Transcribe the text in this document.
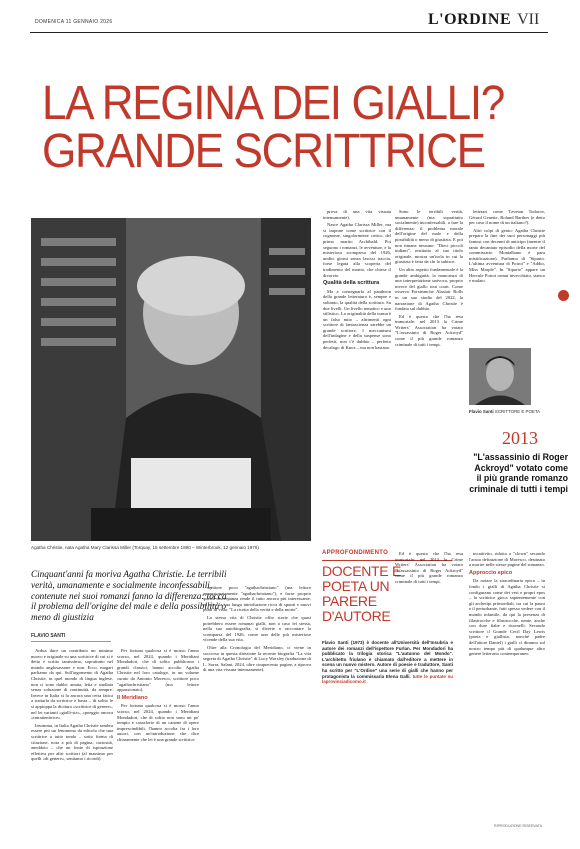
DOMENICA 11 GENNAIO 2026	L'ORDINE VII
LA REGINA DEI GIALLI?
GRANDE SCRITTRICE
Agatha Christie, nata Agatha Mary Clarissa Miller (Torquay, 15 settembre 1890 – Winterbrook, 12 gennaio 1976)
Cinquant'anni fa moriva Agatha Christie. Le terribili verità, umanamente e socialmente inconfessabili, contenute nei suoi romanzi fanno la differenza: tocca il problema dell'origine del male e della possibilità o meno di giustizia
FLAVIO SANTI
APPROFONDIMENTO
DOCENTE E POETA UN PARERE D'AUTORE
Flavio Santi (1973) è docente all'Università dell'Insubria e autore dei romanzi dell'ispettore Furlan. Per Mondadori ha pubblicato la trilogia storica "L'autunno del Mondo". L'architetto friulano è chiamato dall'editore a mettere in scena un nuovo mistero. Autore di poesie e traduttore, Santi ha scritto per "L'Ordine" una serie di gialli che hanno per protagonista la commissaria Elena Galli. tutte le puntate su laprovinciadicomo.it
Flavio Santi SCRITTORE E POETA
2013
"L'assassinio di Roger Ackroyd" votato come il più grande romanzo criminale di tutti i tempi

prova di una vita vissuta intensamente).

Nasce Agatha Clarissa Miller, ma si impone come scrittrice con il cognome, singolarmente critico, del primo marito Archibald. Poi seguono i romanzi, le avventure, e la misteriosa scomparsa del 1926, undici giorni senza lasciar traccia, forse legata alla scoperta del tradimento del marito, che chiese il divorzio.

Qualità della scrittura

Ma a consegnarla al pantheon della grande letteratura è, sempre e soltanto, la qualità della scrittura. Su due livelli. Un livello tematico e uno stilistico. La originalità della trama è un falso mito – altrimenti ogni scrittore di fantascienza sarebbe un grande scrittore. I meccanismi dell'indagine e della suspense sono perfetti, non c'è dubbio – perfetto decalogo di Knox – ma non bastano.

Sono le terribili verità, umanamente (ma soprattutto socialmente) inconfessabili, a fare la differenza: il problema morale dell'origine del male e della possibilità o meno di giustizia. E poi non rimane nessuno: "Dieci piccoli indiani", restituito al suo titolo originale, mostra un'isola in cui la giustizia è fatta da chi la subisce.

Un altro aspetto fondamentale è la grande ambiguità, la mancanza di una interpretazione univoca, proprio invece del giallo tout court. Come osserva Forsteanche Alastair Rolls in un suo studio del 2022, la narrazione di Agatha Christie è fondata sul dubbio.

Ed è questo che l'ha resa immortale: nel 2013 la Crime Writers' Association ha votato "L'assassinio di Roger Ackroyd" come il più grande romanzo criminale di tutti i tempi.

letterari come Tzvetan Todorov, Gérard Genette, Roland Barthes (e detto per caso il nome di un italiano?).

Altri colpi di genio: Agatha Christie prepara la fine dei suoi personaggi più famosi con decenni di anticipo (mentre il tanto decantato episodio della morte del commissario Montalbano è para mistificazione). Parliamo di "Sipario. L'ultima avventura di Poirot" e "Addio, Miss Marple". In "Sipario" appare un Hercule Poirot ormai invecchiato, stanco e malato.

Ardua duce un contributo un minimo nuovo e originale su una scrittrice di cui si è detto e scritto tantissimo, soprattutto nel mondo anglosassone e non. Ecco, magari parliamo da qui. Sull'argomento di Agatha Christie, in quel mondo di lingua inglese, non ci sono dubbi: amata, letta e studiata senza soluzione di continuità, da sempre. Invece in Italia si fa ancora una certa fatica a trattarla da scrittrice e basta – di solito le si appioppa la dicitura «scrittrice di genere», nel lei varianti «gialli-sta», «poeggio ancora «intrattenitrice».

Insomma, in Italia Agatha Christie sembra essere più un fenomeno da edicola che una scrittrice a tutto tondo – sotto forma di citazione, nota a più di pagina, curiosità, aneddoto – che un fonte di ispirazione effettiva per altri scrittori (al massimo per quelli «di genere», sentiamo i ricordi).

Per fortuna qualcosa si è mosso l'anno scorso, nel 2024, quando i Meridiani Mondadori, che di solito pubblicano i grandi classici, hanno accolto Agatha Christie nel loro catalogo, in un volume curato da Antonio Moresco, scrittore poco "agathachristiano" (ma lettore appassionato).

Il Meridiano

Per fortuna qualcosa si è mosso l'anno scorso, nel 2024, quando i Meridiani Mondadori, che di solito non sono un po' tempio e cassaforte di un canone di opere imprescindibili, l'hanno accolta fra i loro autori, con un'introduzione che dice chiaramente che lei è una grande scrittrice.

scrittore poco "agathachristiano" (ma lettore appassionatamente "agathachristiano"), e forse proprio questa discrepanza rende il tutto ancora più interessante, ed ecco la sua lunga introduzione ricca di spunti e nuovi punti di vista. "La ricetta della verità e della morte".

La stessa vita di Christie offre storie che quasi potrebbero essere romanzi gialli, non a caso lei stessa, nella sua autobiografia, si diverte a raccontare la scomparsa del 1926, come una delle più misteriose vicende della sua vita.

Oltre alla Cronologia del Meridiano, ci viene in soccorso in questa direzione la recente biografia "La vita segreta di Agatha Christie" di Lucy Worsley (traduzione di L. Sorra, Salani, 2024, oltre cinquecento pagine, a riprova di una vita vissuta intensamente).

Ed è questo che l'ha resa immortale: nel 2013 la Crime Writers' Association ha votato "L'assassinio di Roger Ackroyd" come il più grande romanzo criminale di tutti i tempi.

incattivito, ridotto a "clown" secondo l'acuta definizione di Moresco, destinato a morire nelle stesse pagine del romanzo.

Approccio epico

Da notare la straordinaria epica – in fondo i gialli di Agatha Christie si configurano come dei veri e propri epos – la scrittrice gioca sapientemente con gli archetipi primordiali, tra cui la paura e il perturbante, fatti spesso vedere con il mondo infantile, da qui la presenza di filastrocche e filastrocche, nenie, anche con dure fiabe e ritornelli. Secondo scrittore il Grande Cecil Day Lewis (poeta e giallista, nonché padre dell'attore Daniel) i gialli ci diranno sul nostro tempo più di qualunque altro genere letterario contemporaneo.

RIPRODUZIONE RISERVATA
